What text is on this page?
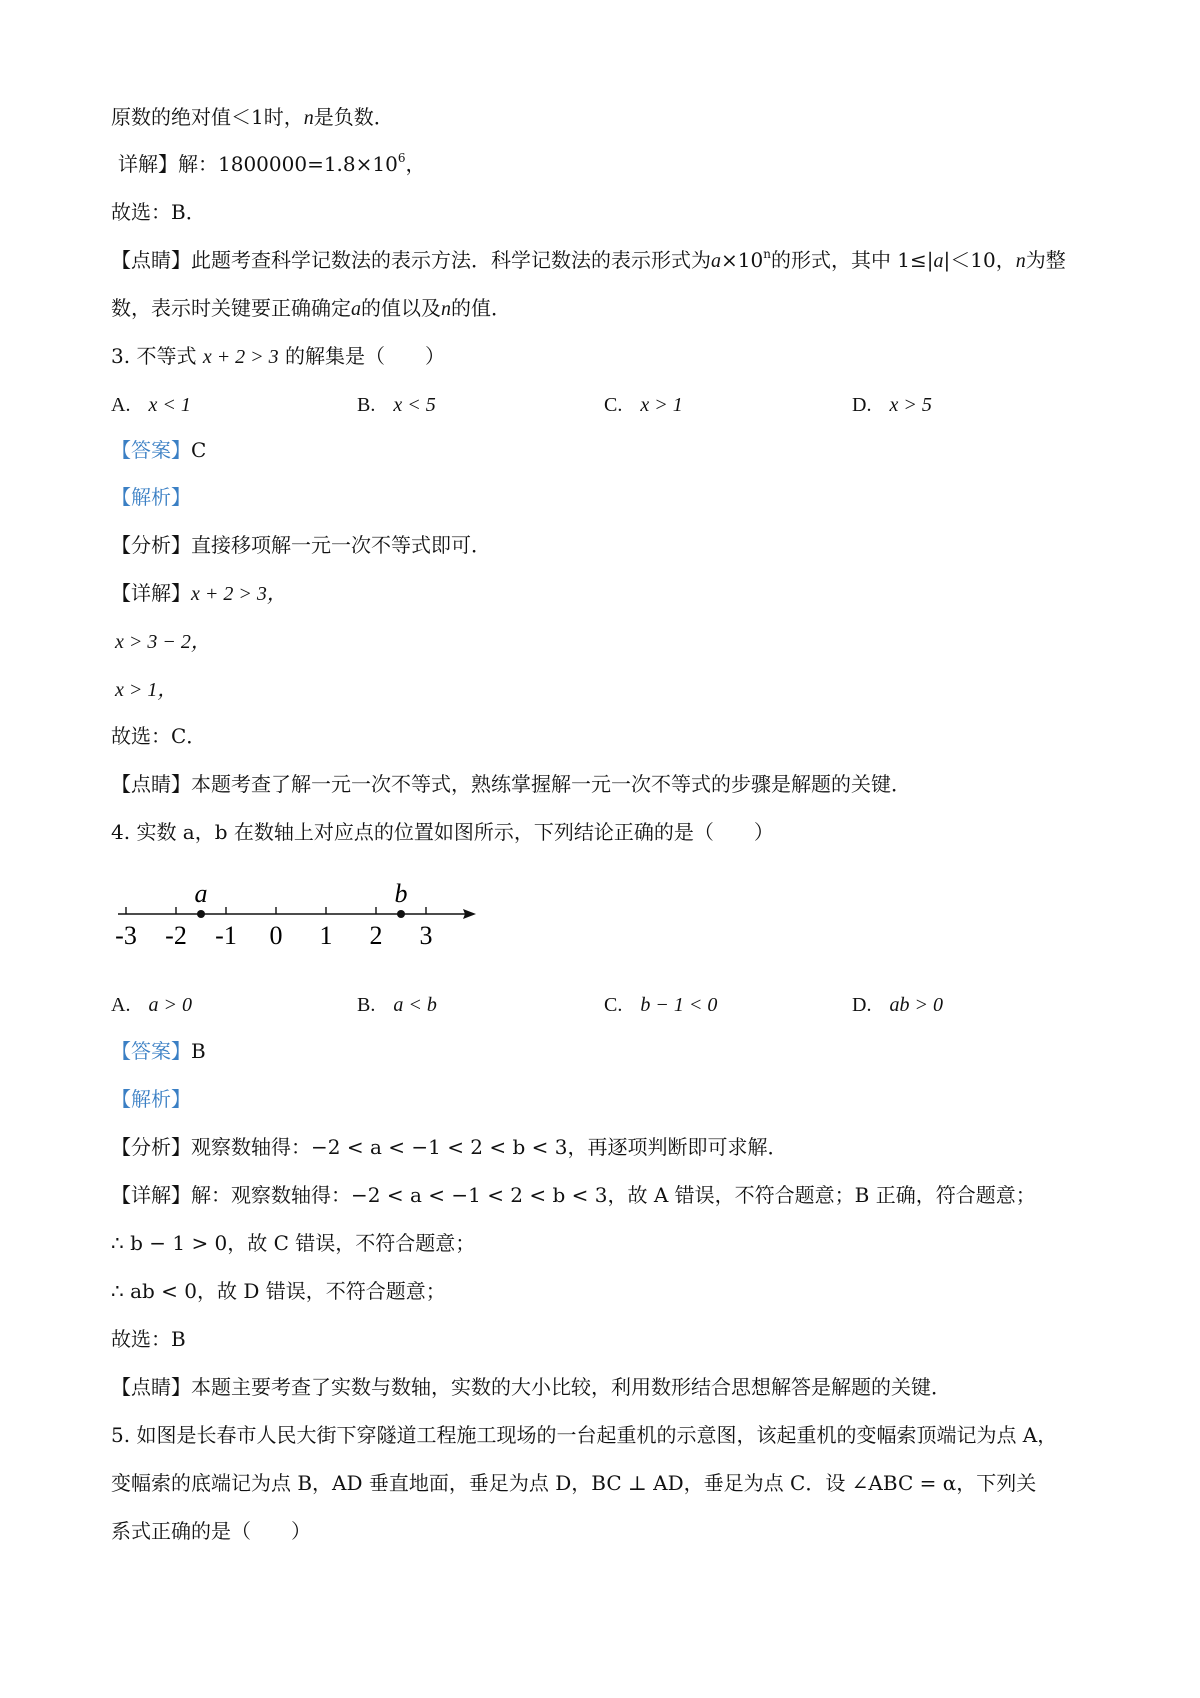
原数的绝对值＜1时，n是负数．
详解】解：$1800000=1.8\times 10^6$，
故选：B．
【点睛】此题考查科学记数法的表示方法．科学记数法的表示形式为$a\times 10^n$的形式，其中 1≤|a|＜10，n为整
数，表示时关键要正确确定a的值以及n的值．
3. 不等式 x + 2 > 3 的解集是（　　）
A. x < 1	B. x < 5	C. x > 1	D. x > 5
【答案】C
【解析】
【分析】直接移项解一元一次不等式即可．
【详解】x + 2 > 3，
x > 3 − 2，
x > 1，
故选：C．
【点睛】本题考查了解一元一次不等式，熟练掌握解一元一次不等式的步骤是解题的关键．
4. 实数 a，b 在数轴上对应点的位置如图所示，下列结论正确的是（　　）
-3 -2 -1 0 1 2 3
a	b
A. a > 0	B. a < b	C. b − 1 < 0	D. ab > 0
【答案】B
【解析】
【分析】观察数轴得：−2 < a < −1 < 2 < b < 3，再逐项判断即可求解．
【详解】解：观察数轴得：−2 < a < −1 < 2 < b < 3，故 A 错误，不符合题意；B 正确，符合题意；
∴ b − 1 > 0，故 C 错误，不符合题意；
∴ ab < 0，故 D 错误，不符合题意；
故选：B
【点睛】本题主要考查了实数与数轴，实数的大小比较，利用数形结合思想解答是解题的关键．
5. 如图是长春市人民大街下穿隧道工程施工现场的一台起重机的示意图，该起重机的变幅索顶端记为点 A，
变幅索的底端记为点 B，AD 垂直地面，垂足为点 D，BC ⊥ AD，垂足为点 C．设 ∠ABC = α，下列关
系式正确的是（　　）
